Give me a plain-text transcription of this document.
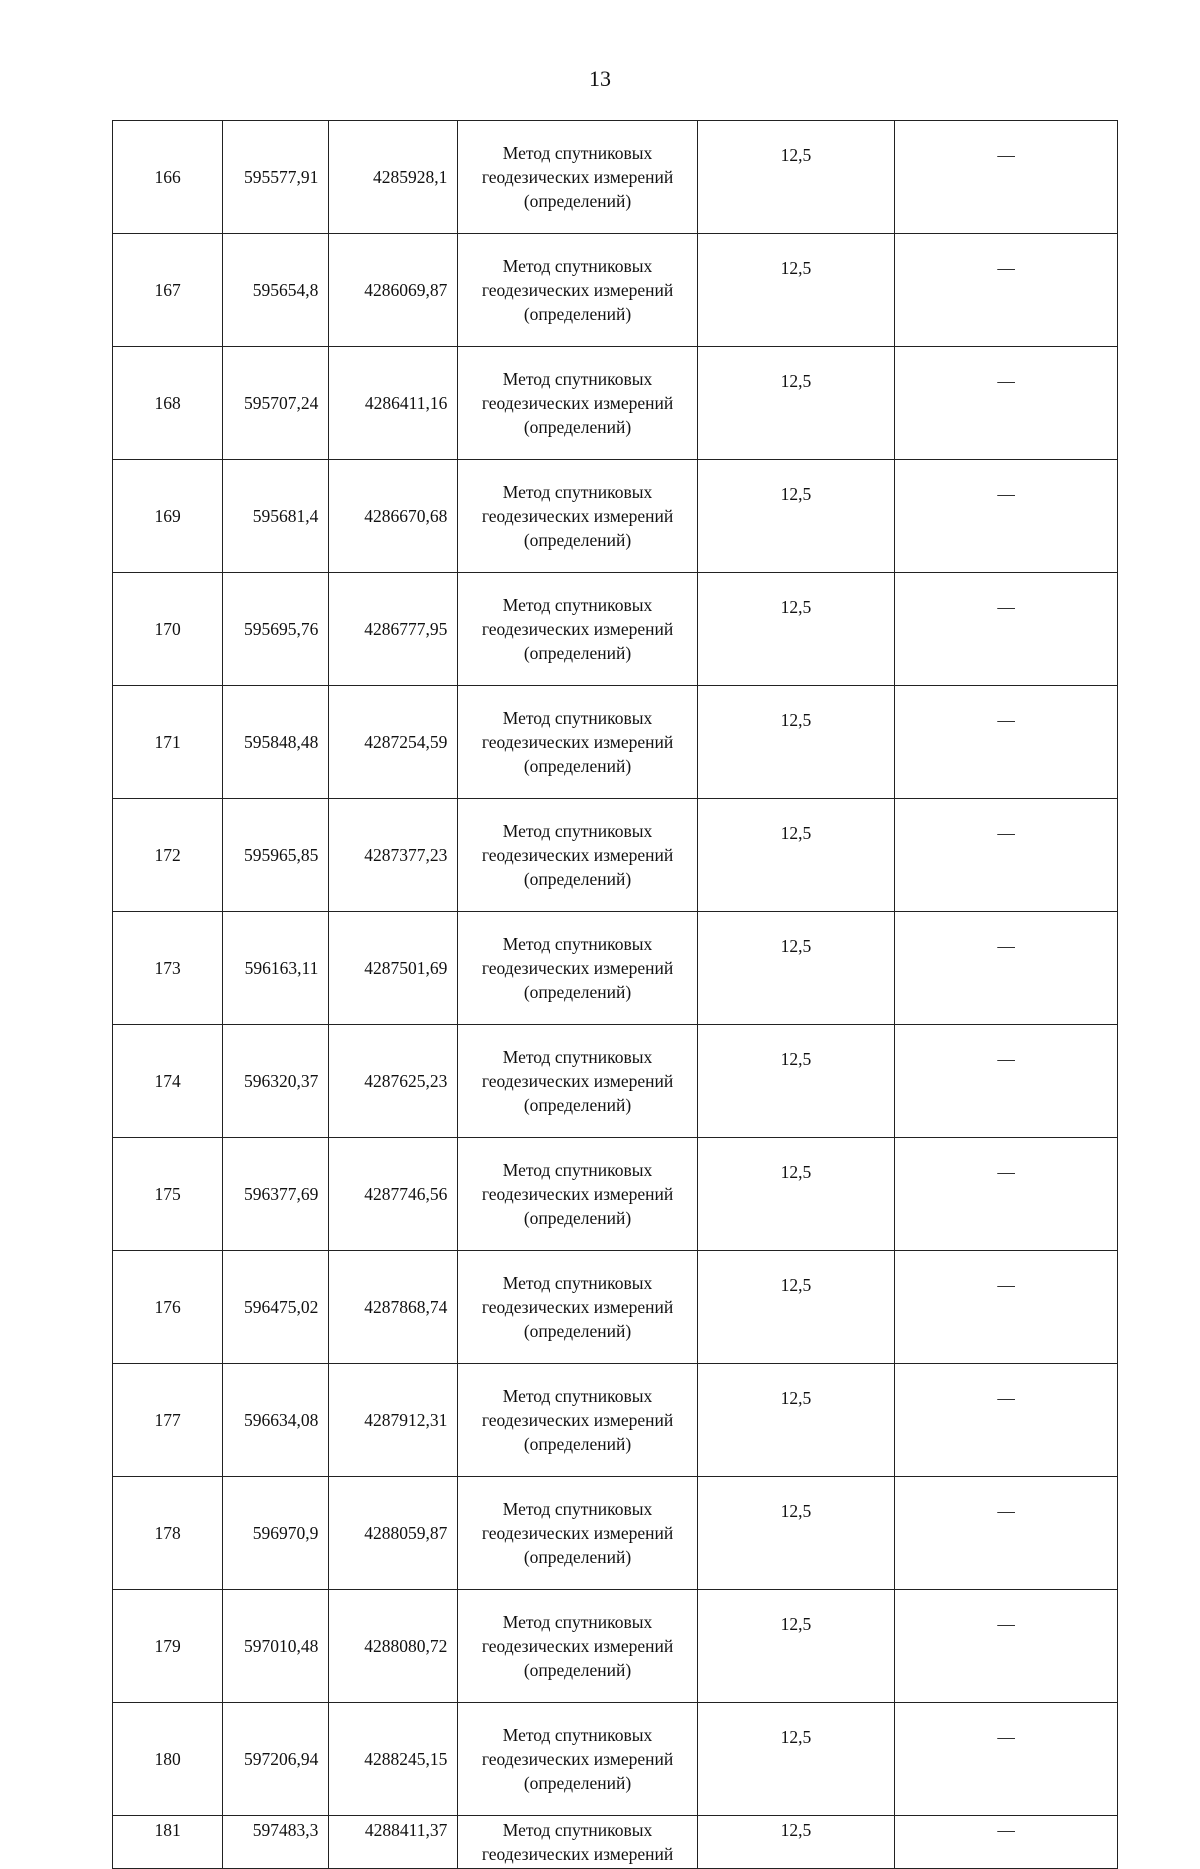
13
166	595577,91	4285928,1	Метод спутниковых
геодезических измерений
(определений)	12,5	—
167	595654,8	4286069,87	Метод спутниковых
геодезических измерений
(определений)	12,5	—
168	595707,24	4286411,16	Метод спутниковых
геодезических измерений
(определений)	12,5	—
169	595681,4	4286670,68	Метод спутниковых
геодезических измерений
(определений)	12,5	—
170	595695,76	4286777,95	Метод спутниковых
геодезических измерений
(определений)	12,5	—
171	595848,48	4287254,59	Метод спутниковых
геодезических измерений
(определений)	12,5	—
172	595965,85	4287377,23	Метод спутниковых
геодезических измерений
(определений)	12,5	—
173	596163,11	4287501,69	Метод спутниковых
геодезических измерений
(определений)	12,5	—
174	596320,37	4287625,23	Метод спутниковых
геодезических измерений
(определений)	12,5	—
175	596377,69	4287746,56	Метод спутниковых
геодезических измерений
(определений)	12,5	—
176	596475,02	4287868,74	Метод спутниковых
геодезических измерений
(определений)	12,5	—
177	596634,08	4287912,31	Метод спутниковых
геодезических измерений
(определений)	12,5	—
178	596970,9	4288059,87	Метод спутниковых
геодезических измерений
(определений)	12,5	—
179	597010,48	4288080,72	Метод спутниковых
геодезических измерений
(определений)	12,5	—
180	597206,94	4288245,15	Метод спутниковых
геодезических измерений
(определений)	12,5	—
181	597483,3	4288411,37	Метод спутниковых
геодезических измерений	12,5	—
